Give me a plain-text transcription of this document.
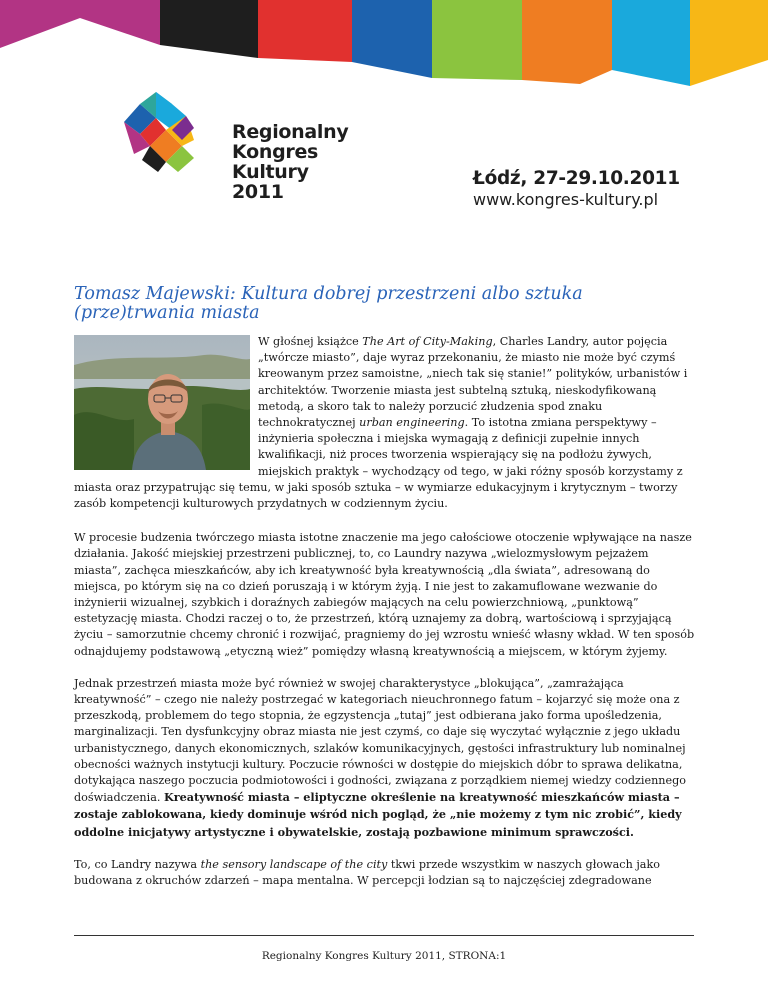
Regionalny
Kongres
Kultury
2011
Łódź, 27-29.10.2011
www.kongres-kultury.pl
Tomasz Majewski: Kultura dobrej przestrzeni albo sztuka (prze)trwania miasta

W głośnej książce The Art of City-Making, Charles Landry, autor pojęcia „twórcze miasto”, daje wyraz przekonaniu, że miasto nie może być czymś kreowanym przez samoistne, „niech tak się stanie!” polityków, urbanistów i architektów. Tworzenie miasta jest subtelną sztuką, nieskodyfikowaną metodą, a skoro tak to należy porzucić złudzenia spod znaku technokratycznej urban engineering. To istotna zmiana perspektywy – inżynieria społeczna i miejska wymagają z definicji zupełnie innych kwalifikacji, niż proces tworzenia wspierający się na podłożu żywych, miejskich praktyk – wychodzący od tego, w jaki różny sposób korzystamy z miasta oraz przypatrując się temu, w jaki sposób sztuka – w wymiarze edukacyjnym i krytycznym – tworzy zasób kompetencji kulturowych przydatnych w codziennym życiu.

W procesie budzenia twórczego miasta istotne znaczenie ma jego całościowe otoczenie wpływające na nasze działania. Jakość miejskiej przestrzeni publicznej, to, co Laundry nazywa „wielozmysłowym pejzażem miasta”, zachęca mieszkańców, aby ich kreatywność była kreatywnością „dla świata”, adresowaną do miejsca, po którym się na co dzień poruszają i w którym żyją. I nie jest to zakamuflowane wezwanie do inżynierii wizualnej, szybkich i doraźnych zabiegów mających na celu powierzchniową, „punktową” estetyzację miasta. Chodzi raczej o to, że przestrzeń, którą uznajemy za dobrą, wartościową i sprzyjającą życiu – samorzutnie chcemy chronić i rozwijać, pragniemy do jej wzrostu wnieść własny wkład. W ten sposób odnajdujemy podstawową „etyczną wież” pomiędzy własną kreatywnością a miejscem, w którym żyjemy.

Jednak przestrzeń miasta może być również w swojej charakterystyce „blokująca”, „zamrażająca kreatywność” – czego nie należy postrzegać w kategoriach nieuchronnego fatum – kojarzyć się może ona z przeszkodą, problemem do tego stopnia, że egzystencja „tutaj” jest odbierana jako forma upośledzenia, marginalizacji. Ten dysfunkcyjny obraz miasta nie jest czymś, co daje się wyczytać wyłącznie z jego układu urbanistycznego, danych ekonomicznych, szlaków komunikacyjnych, gęstości infrastruktury lub nominalnej obecności ważnych instytucji kultury. Poczucie równości w dostępie do miejskich dóbr to sprawa delikatna, dotykająca naszego poczucia podmiotowości i godności, związana z porządkiem niemej wiedzy codziennego doświadczenia. Kreatywność miasta – eliptyczne określenie na kreatywność mieszkańców miasta – zostaje zablokowana, kiedy dominuje wśród nich pogląd, że „nie możemy z tym nic zrobić”, kiedy oddolne inicjatywy artystyczne i obywatelskie, zostają pozbawione minimum sprawczości.

To, co Landry nazywa the sensory landscape of the city tkwi przede wszystkim w naszych głowach jako budowana z okruchów zdarzeń – mapa mentalna. W percepcji łodzian są to najczęściej zdegradowane

Regionalny Kongres Kultury 2011, STRONA:1
